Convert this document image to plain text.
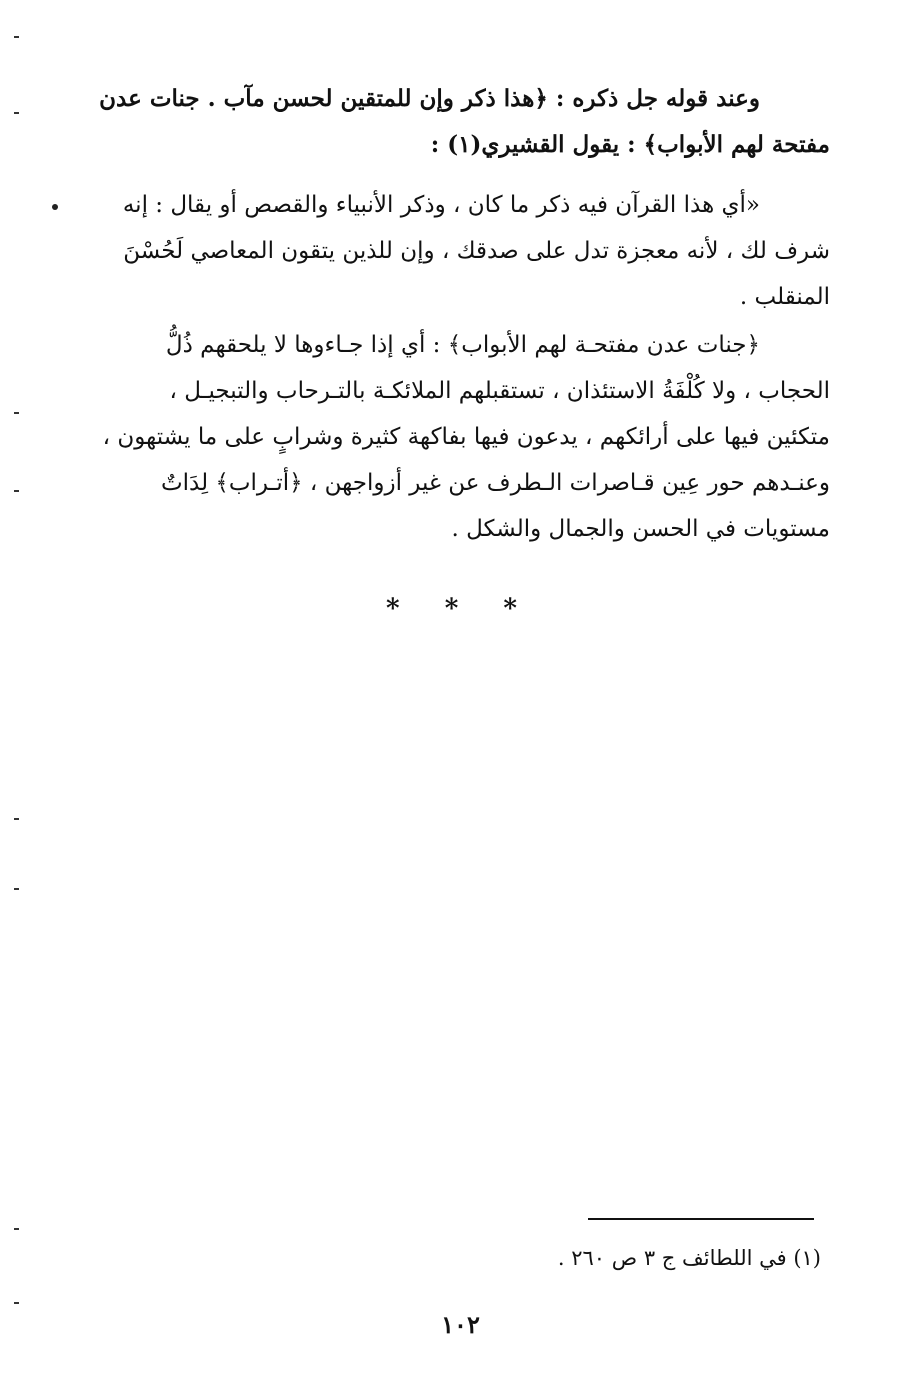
وعند قوله جل ذكره : ﴿هذا ذكر وإن للمتقين لحسن مآب . جنات عدن
مفتحة لهم الأبواب﴾ : يقول القشيري(١) :
«أي هذا القرآن فيه ذكر ما كان ، وذكر الأنبياء والقصص أو يقال : إنه
شرف لك ، لأنه معجزة تدل على صدقك ، وإن للذين يتقون المعاصي لَحُسْنَ
المنقلب .
﴿جنات عدن مفتحـة لهم الأبواب﴾ : أي إذا جـاءوها لا يلحقهم ذُلُّ
الحجاب ، ولا كُلْفَةُ الاستئذان ، تستقبلهم الملائكـة بالتـرحاب والتبجيـل ،
متكئين فيها على أرائكهم ، يدعون فيها بفاكهة كثيرة وشرابٍ على ما يشتهون ،
وعنـدهم حور عِين قـاصرات الـطرف عن غير أزواجهن ، ﴿أتـراب﴾ لِدَاتٌ
مستويات في الحسن والجمال والشكل .
* * *
(١) في اللطائف ج ٣ ص ٢٦٠ .
١٠٢
